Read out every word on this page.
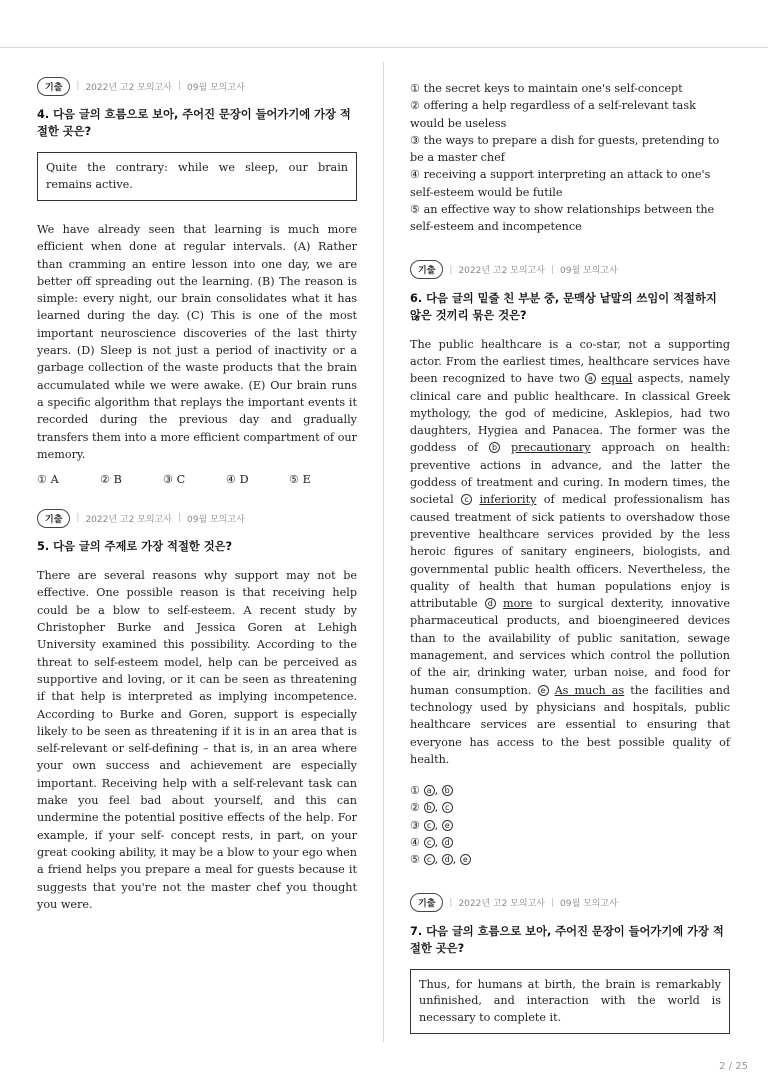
기출	| 2022년 고2 모의고사 | 09월 모의고사
4. 다음 글의 흐름으로 보아, 주어진 문장이 들어가기에 가장 적절한 곳은?
Quite the contrary: while we sleep, our brain remains active.
We have already seen that learning is much more efficient when done at regular intervals. (A) Rather than cramming an entire lesson into one day, we are better off spreading out the learning. (B) The reason is simple: every night, our brain consolidates what it has learned during the day. (C) This is one of the most important neuroscience discoveries of the last thirty years. (D) Sleep is not just a period of inactivity or a garbage collection of the waste products that the brain accumulated while we were awake. (E) Our brain runs a specific algorithm that replays the important events it recorded during the previous day and gradually transfers them into a more efficient compartment of our memory.
① A	② B	③ C	④ D	⑤ E
기출	| 2022년 고2 모의고사 | 09월 모의고사
5. 다음 글의 주제로 가장 적절한 것은?
There are several reasons why support may not be effective. One possible reason is that receiving help could be a blow to self-esteem. A recent study by Christopher Burke and Jessica Goren at Lehigh University examined this possibility. According to the threat to self-esteem model, help can be perceived as supportive and loving, or it can be seen as threatening if that help is interpreted as implying incompetence. According to Burke and Goren, support is especially likely to be seen as threatening if it is in an area that is self-relevant or self-defining – that is, in an area where your own success and achievement are especially important. Receiving help with a self-relevant task can make you feel bad about yourself, and this can undermine the potential positive effects of the help. For example, if your self- concept rests, in part, on your great cooking ability, it may be a blow to your ego when a friend helps you prepare a meal for guests because it suggests that you're not the master chef you thought you were.
① the secret keys to maintain one's self-concept
② offering a help regardless of a self-relevant task would be useless
③ the ways to prepare a dish for guests, pretending to be a master chef
④ receiving a support interpreting an attack to one's self-esteem would be futile
⑤ an effective way to show relationships between the self-esteem and incompetence
기출	| 2022년 고2 모의고사 | 09월 모의고사
6. 다음 글의 밑줄 친 부분 중, 문맥상 낱말의 쓰임이 적절하지 않은 것끼리 묶은 것은?
The public healthcare is a co-star, not a supporting actor. From the earliest times, healthcare services have been recognized to have two a equal aspects, namely clinical care and public healthcare. In classical Greek mythology, the god of medicine, Asklepios, had two daughters, Hygiea and Panacea. The former was the goddess of b precautionary approach on health: preventive actions in advance, and the latter the goddess of treatment and curing. In modern times, the societal c inferiority of medical professionalism has caused treatment of sick patients to overshadow those preventive healthcare services provided by the less heroic figures of sanitary engineers, biologists, and governmental public health officers. Nevertheless, the quality of health that human populations enjoy is attributable d more to surgical dexterity, innovative pharmaceutical products, and bioengineered devices than to the availability of public sanitation, sewage management, and services which control the pollution of the air, drinking water, urban noise, and food for human consumption. e As much as the facilities and technology used by physicians and hospitals, public healthcare services are essential to ensuring that everyone has access to the best possible quality of health.
① a , b
② b , c
③ c , e
④ c , d
⑤ c , d , e
기출	| 2022년 고2 모의고사 | 09월 모의고사
7. 다음 글의 흐름으로 보아, 주어진 문장이 들어가기에 가장 적절한 곳은?
Thus, for humans at birth, the brain is remarkably unfinished, and interaction with the world is necessary to complete it.
2 / 25
